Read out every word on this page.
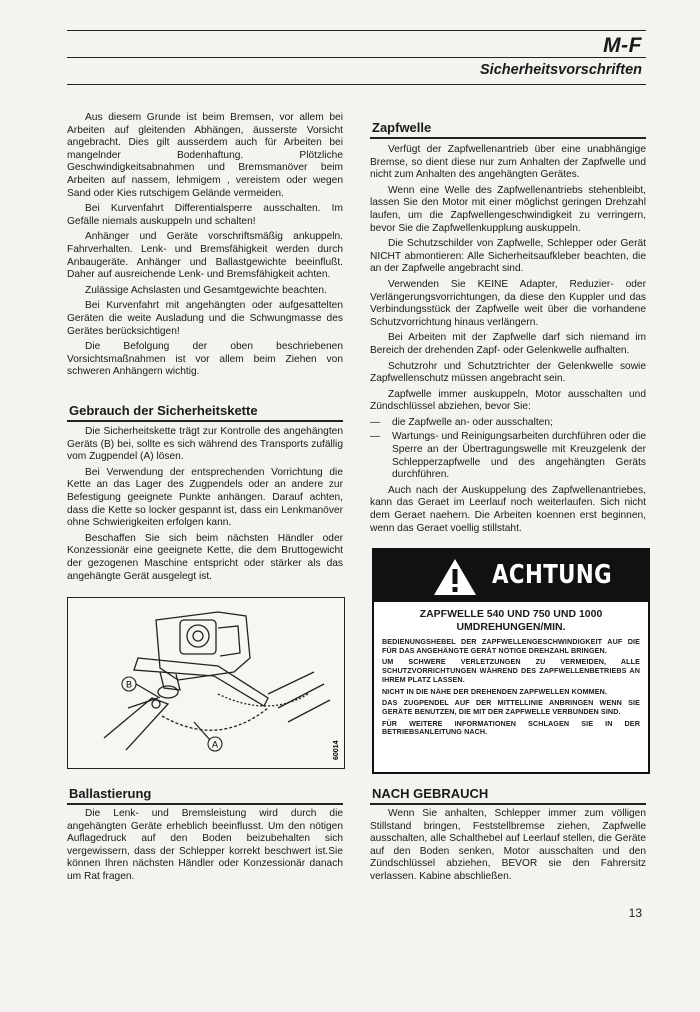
M-F
Sicherheitsvorschriften

Aus diesem Grunde ist beim Bremsen, vor allem bei Arbeiten auf gleitenden Abhängen, äusserste Vorsicht angebracht. Dies gilt ausserdem auch für Arbeiten bei mangelnder Bodenhaftung. Plötzliche Geschwindigkeitsabnahmen und Bremsmanöver beim Arbeiten auf nassem, lehmigem , vereistem oder wegen Sand oder Kies rutschigem Gelände vermeiden.

Bei Kurvenfahrt Differentialsperre ausschalten. Im Gefälle niemals auskuppeln und schalten!

Anhänger und Geräte vorschriftsmäßig ankuppeln. Fahrverhalten. Lenk- und Bremsfähigkeit werden durch Anbaugeräte. Anhänger und Ballastgewichte beeinflußt. Daher auf ausreichende Lenk- und Bremsfähigkeit achten.

Zulässige Achslasten und Gesamtgewichte beachten.

Bei Kurvenfahrt mit angehängten oder aufgesattelten Geräten die weite Ausladung und die Schwungmasse des Gerätes berücksichtigen!

Die Befolgung der oben beschriebenen Vorsichtsmaßnahmen ist vor allem beim Ziehen von schweren Anhängern wichtig.

Gebrauch der Sicherheitskette

Die Sicherheitskette trägt zur Kontrolle des angehängten Geräts (B) bei, sollte es sich während des Transports zufällig vom Zugpendel (A) lösen.

Bei Verwendung der entsprechenden Vorrichtung die Kette an das Lager des Zugpendels oder an andere zur Befestigung geeignete Punkte anhängen. Darauf achten, dass die Kette so locker gespannt ist, dass ein Lenkmanöver ohne Schwierigkeiten erfolgen kann.

Beschaffen Sie sich beim nächsten Händler oder Konzessionär eine geeignete Kette, die dem Bruttogewicht der gezogenen Maschine entspricht oder stärker als das angehängte Gerät ausgelegt ist.

B
A	60014
Ballastierung

Die Lenk- und Bremsleistung wird durch die angehängten Geräte erheblich beeinflusst. Um den nötigen Auflagedruck auf den Boden beizubehalten sich vergewissern, dass der Schlepper korrekt beschwert ist.Sie können Ihren nächsten Händler oder Konzessionär danach um Rat fragen.

Zapfwelle

Verfügt der Zapfwellenantrieb über eine unabhängige Bremse, so dient diese nur zum Anhalten der Zapfwelle und nicht zum Anhalten des angehängten Gerätes.

Wenn eine Welle des Zapfwellenantriebs stehenbleibt, lassen Sie den Motor mit einer möglichst geringen Drehzahl laufen, um die Zapfwellengeschwindigkeit zu verringern, bevor Sie die Zapfwellenkupplung auskuppeln.

Die Schutzschilder von Zapfwelle, Schlepper oder Gerät NICHT abmontieren: Alle Sicherheitsaufkleber beachten, die an der Zapfwelle angebracht sind.

Verwenden Sie KEINE Adapter, Reduzier- oder Verlängerungsvorrichtungen, da diese den Kuppler und das Verbindungsstück der Zapfwelle weit über die vorhandene Schutzvorrichtung hinaus verlängern.

Bei Arbeiten mit der Zapfwelle darf sich niemand im Bereich der drehenden Zapf- oder Gelenkwelle aufhalten.

Schutzrohr und Schutztrichter der Gelenkwelle sowie Zapfwellenschutz müssen angebracht sein.

Zapfwelle immer auskuppeln, Motor ausschalten und Zündschlüssel abziehen, bevor Sie:

— die Zapfwelle an- oder ausschalten;
— Wartungs- und Reinigungsarbeiten durchführen oder die Sperre an der Übertragungswelle mit Kreuzgelenk der Schlepperzapfwelle und des angehängten Geräts durchführen.

Auch nach der Auskuppelung des Zapfwellenantriebes, kann das Geraet im Leerlauf noch weiterlaufen. Sich nicht dem Geraet naehern. Die Arbeiten koennen erst beginnen, wenn das Geraet voellig stillstaht.

ACHTUNG
ZAPFWELLE 540 UND 750 UND 1000 UMDREHUNGEN/MIN.
BEDIENUNGSHEBEL DER ZAPFWELLENGESCHWINDIGKEIT AUF DIE FÜR DAS ANGEHÄNGTE GERÄT NÖTIGE DREHZAHL BRINGEN.
UM SCHWERE VERLETZUNGEN ZU VERMEIDEN, ALLE SCHUTZVORRICHTUNGEN WÄHREND DES ZAPFWELLENBETRIEBS AN IHREM PLATZ LASSEN.
NICHT IN DIE NÄHE DER DREHENDEN ZAPFWELLEN KOMMEN.
DAS ZUGPENDEL AUF DER MITTELLINIE ANBRINGEN WENN SIE GERÄTE BENUTZEN, DIE MIT DER ZAPFWELLE VERBUNDEN SIND.
FÜR WEITERE INFORMATIONEN SCHLAGEN SIE IN DER BETRIEBSANLEITUNG NACH.
NACH GEBRAUCH

Wenn Sie anhalten, Schlepper immer zum völligen Stillstand bringen, Feststellbremse ziehen, Zapfwelle ausschalten, alle Schalthebel auf Leerlauf stellen, die Geräte auf den Boden senken, Motor ausschalten und den Zündschlüssel abziehen, BEVOR sie den Fahrersitz verlassen. Kabine abschließen.

13
